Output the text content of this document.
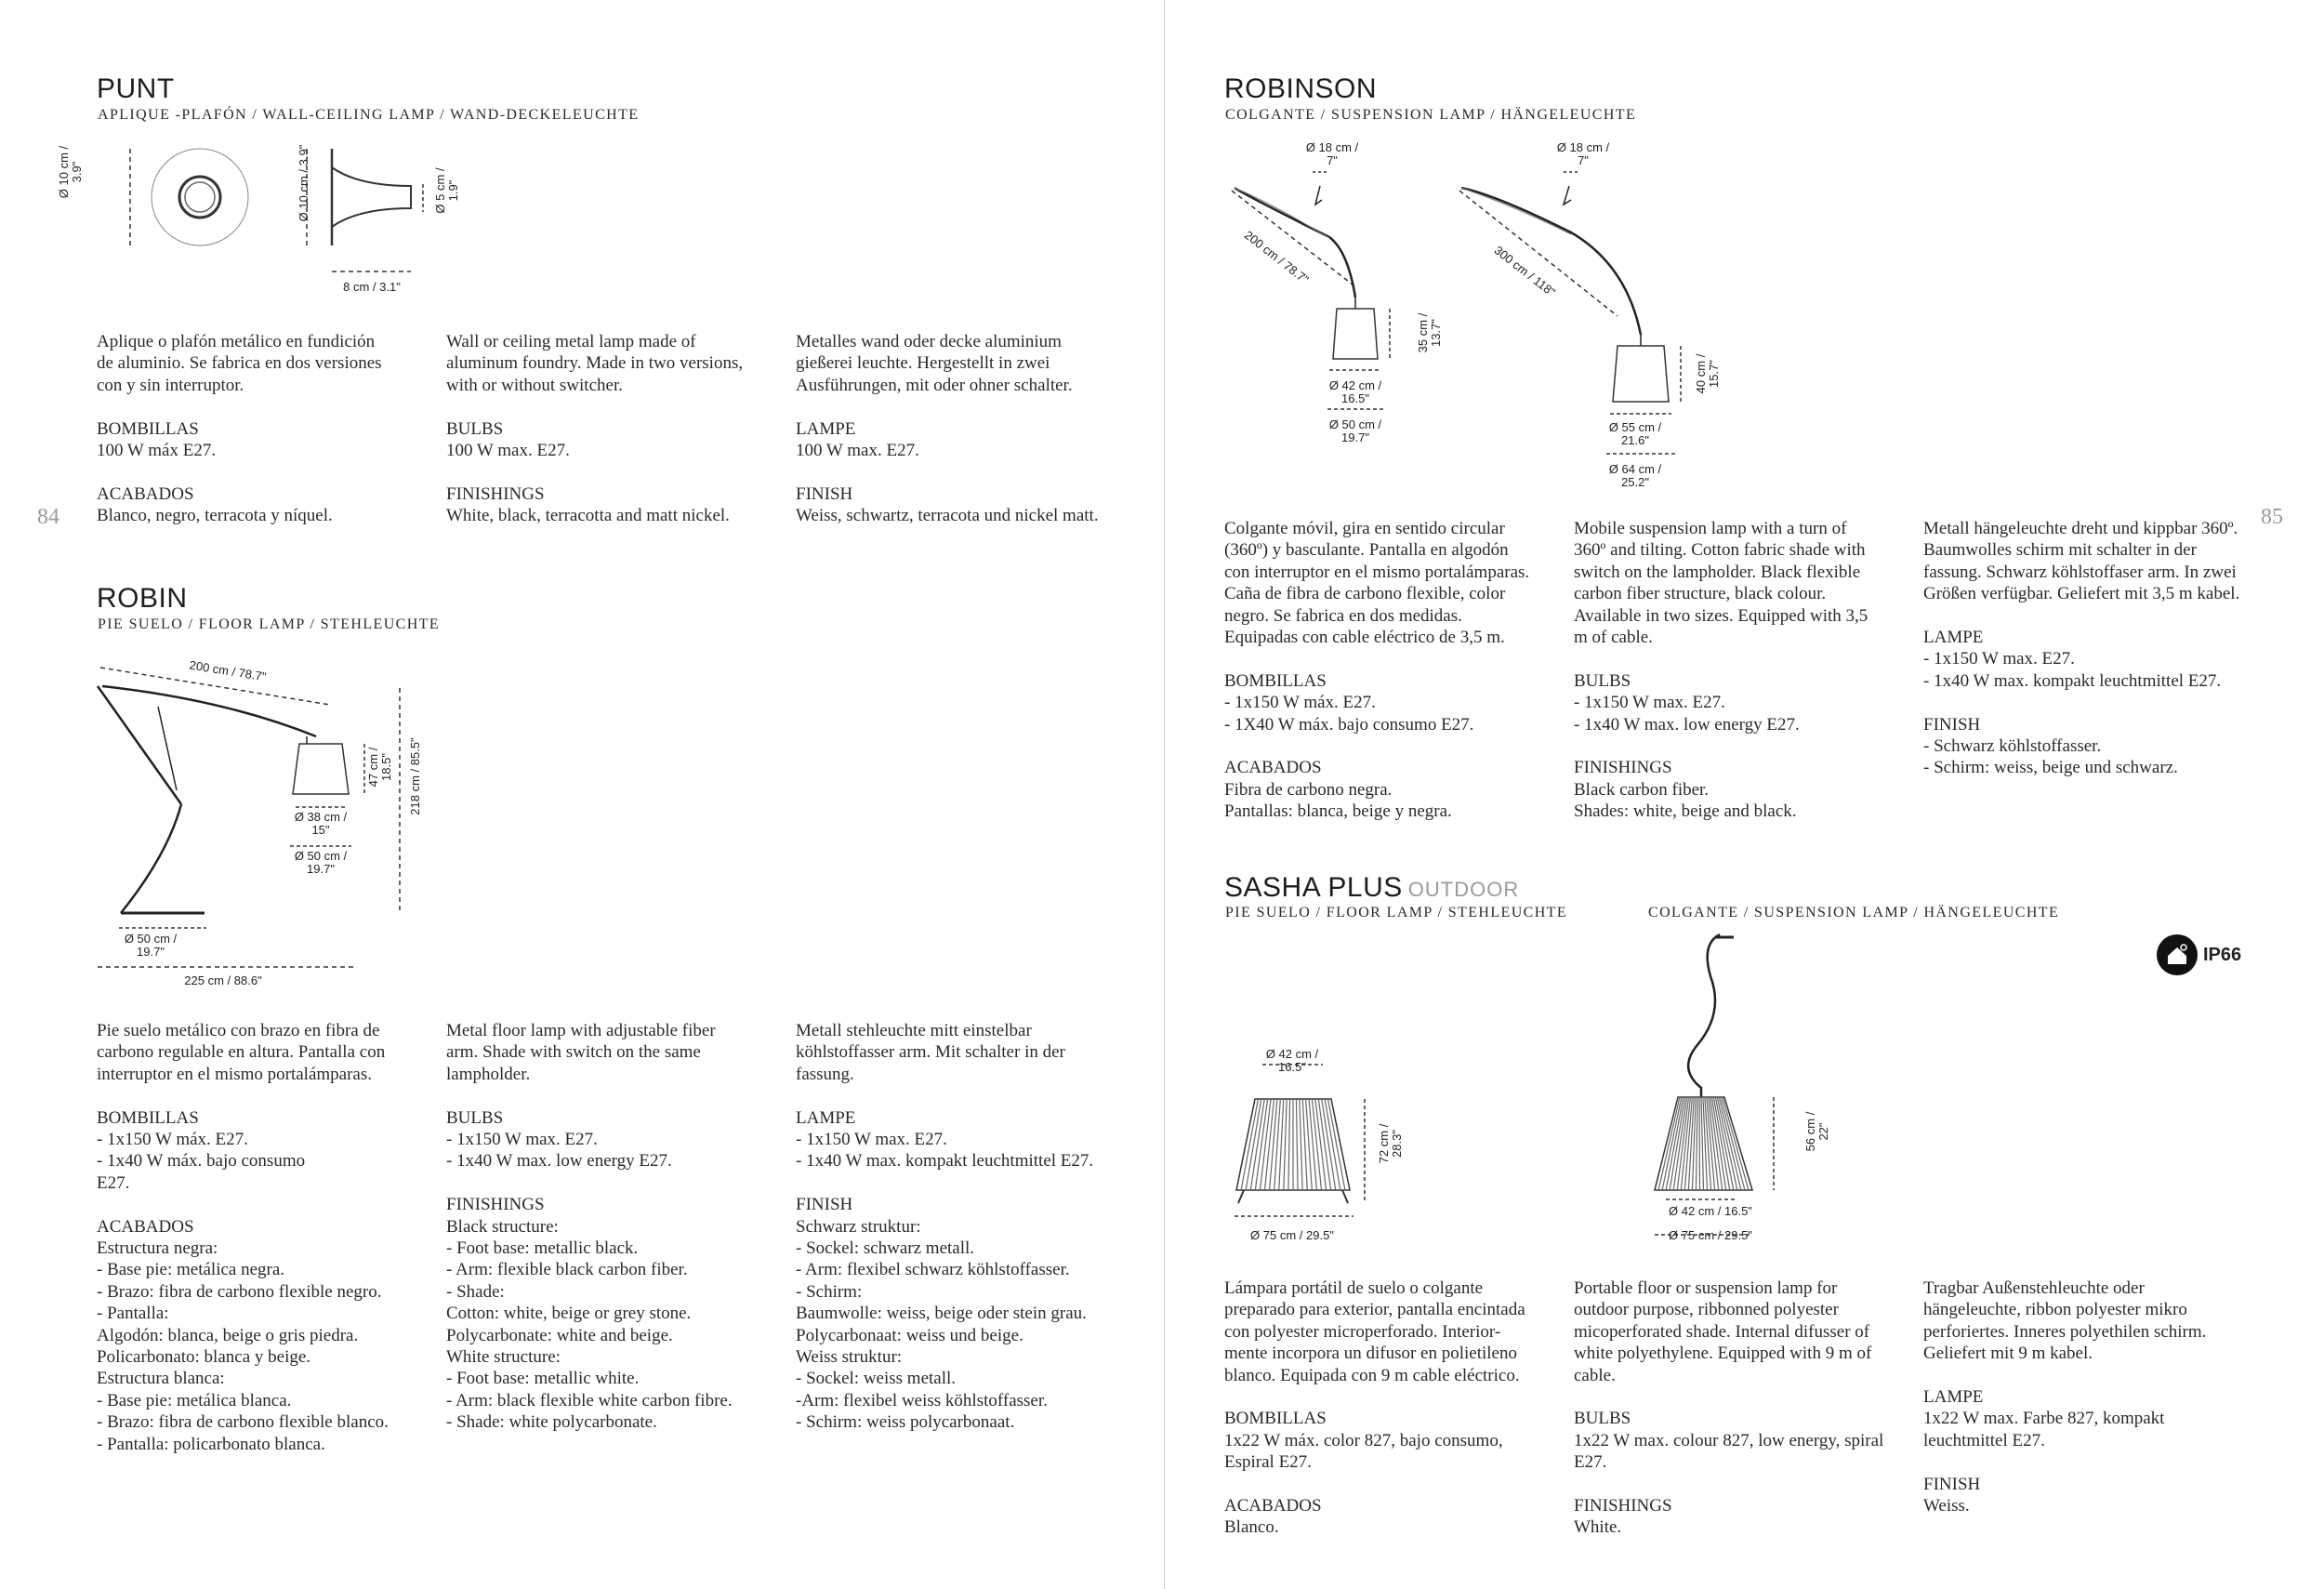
84	85
PUNT
APLIQUE -PLAFÓN / WALL-CEILING LAMP / WAND-DECKELEUCHTE
Ø 10 cm /
3.9"	Ø 10 cm / 3.9"	Ø 5 cm /
1.9"
8 cm / 3.1"

Aplique o plafón metálico en fundición
de aluminio. Se fabrica en dos versiones
con y sin interruptor.

BOMBILLAS

100 W máx E27.

ACABADOS

Blanco, negro, terracota y níquel.

Wall or ceiling metal lamp made of
aluminum foundry. Made in two versions,
with or without switcher.

BULBS

100 W max. E27.

FINISHINGS

White, black, terracotta and matt nickel.

Metalles wand oder decke aluminium
gießerei leuchte. Hergestellt in zwei
Ausführungen, mit oder ohner schalter.

LAMPE

100 W max. E27.

FINISH

Weiss, schwartz, terracota und nickel matt.

ROBIN
PIE SUELO / FLOOR LAMP / STEHLEUCHTE
200 cm / 78.7"
47 cm /
18.5" 218 cm / 85.5"
Ø 38 cm /
15"
Ø 50 cm /
19.7"
Ø 50 cm /
19.7"
225 cm / 88.6"

Pie suelo metálico con brazo en fibra de
carbono regulable en altura. Pantalla con
interruptor en el mismo portalámparas.

BOMBILLAS

- 1x150 W máx. E27.
- 1x40 W máx. bajo consumo
E27.

ACABADOS

Estructura negra:
- Base pie: metálica negra.
- Brazo: fibra de carbono flexible negro.
- Pantalla:
Algodón: blanca, beige o gris piedra.
Policarbonato: blanca y beige.
Estructura blanca:
- Base pie: metálica blanca.
- Brazo: fibra de carbono flexible blanco.
- Pantalla: policarbonato blanca.

Metal floor lamp with adjustable fiber
arm. Shade with switch on the same
lampholder.

BULBS

- 1x150 W max. E27.
- 1x40 W max. low energy E27.

FINISHINGS

Black structure:
- Foot base: metallic black.
- Arm: flexible black carbon fiber.
- Shade:
Cotton: white, beige or grey stone.
Polycarbonate: white and beige.
White structure:
- Foot base: metallic white.
- Arm: black flexible white carbon fibre.
- Shade: white polycarbonate.

Metall stehleuchte mitt einstelbar
köhlstoffasser arm. Mit schalter in der
fassung.

LAMPE

- 1x150 W max. E27.
- 1x40 W max. kompakt leuchtmittel E27.

FINISH

Schwarz struktur:
- Sockel: schwarz metall.
- Arm: flexibel schwarz köhlstoffasser.
- Schirm:
Baumwolle: weiss, beige oder stein grau.
Polycarbonaat: weiss und beige.
Weiss struktur:
- Sockel: weiss metall.
-Arm: flexibel weiss köhlstoffasser.
- Schirm: weiss polycarbonaat.

ROBINSON
COLGANTE / SUSPENSION LAMP / HÄNGELEUCHTE
Ø 18 cm /
7"
200 cm / 78.7"
35 cm /
13.7"
Ø 42 cm /
16.5"
Ø 50 cm /
19.7"
Ø 18 cm /
7"
300 cm / 118"
40 cm /
15.7"
Ø 55 cm /
21.6"
Ø 64 cm /
25.2"

Colgante móvil, gira en sentido circular
(360º) y basculante. Pantalla en algodón
con interruptor en el mismo portalámparas.
Caña de fibra de carbono flexible, color
negro. Se fabrica en dos medidas.
Equipadas con cable eléctrico de 3,5 m.

BOMBILLAS

- 1x150 W máx. E27.
- 1X40 W máx. bajo consumo E27.

ACABADOS

Fibra de carbono negra.
Pantallas: blanca, beige y negra.

Mobile suspension lamp with a turn of
360º and tilting. Cotton fabric shade with
switch on the lampholder. Black flexible
carbon fiber structure, black colour.
Available in two sizes. Equipped with 3,5
m of cable.

BULBS

- 1x150 W max. E27.
- 1x40 W max. low energy E27.

FINISHINGS

Black carbon fiber.
Shades: white, beige and black.

Metall hängeleuchte dreht und kippbar 360º.
Baumwolles schirm mit schalter in der
fassung. Schwarz köhlstoffaser arm. In zwei
Größen verfügbar. Geliefert mit 3,5 m kabel.

LAMPE

- 1x150 W max. E27.
- 1x40 W max. kompakt leuchtmittel E27.

FINISH

- Schwarz köhlstoffasser.
- Schirm: weiss, beige und schwarz.

SASHA PLUS OUTDOOR
PIE SUELO / FLOOR LAMP / STEHLEUCHTE	COLGANTE / SUSPENSION LAMP / HÄNGELEUCHTE
IP66
Ø 42 cm /
16.5"
72 cm /
28.3"
Ø 75 cm / 29.5"
56 cm /
22"
Ø 42 cm / 16.5"
Ø 75 cm / 29.5"

Lámpara portátil de suelo o colgante
preparado para exterior, pantalla encintada
con polyester microperforado. Interior-
mente incorpora un difusor en polietileno
blanco. Equipada con 9 m cable eléctrico.

BOMBILLAS

1x22 W máx. color 827, bajo consumo,
Espiral E27.

ACABADOS

Blanco.

Portable floor or suspension lamp for
outdoor purpose, ribbonned polyester
micoperforated shade. Internal difusser of
white polyethylene. Equipped with 9 m of
cable.

BULBS

1x22 W max. colour 827, low energy, spiral
E27.

FINISHINGS

White.

Tragbar Außenstehleuchte oder
hängeleuchte, ribbon polyester mikro
perforiertes. Inneres polyethilen schirm.
Geliefert mit 9 m kabel.

LAMPE

1x22 W max. Farbe 827, kompakt
leuchtmittel E27.

FINISH

Weiss.
